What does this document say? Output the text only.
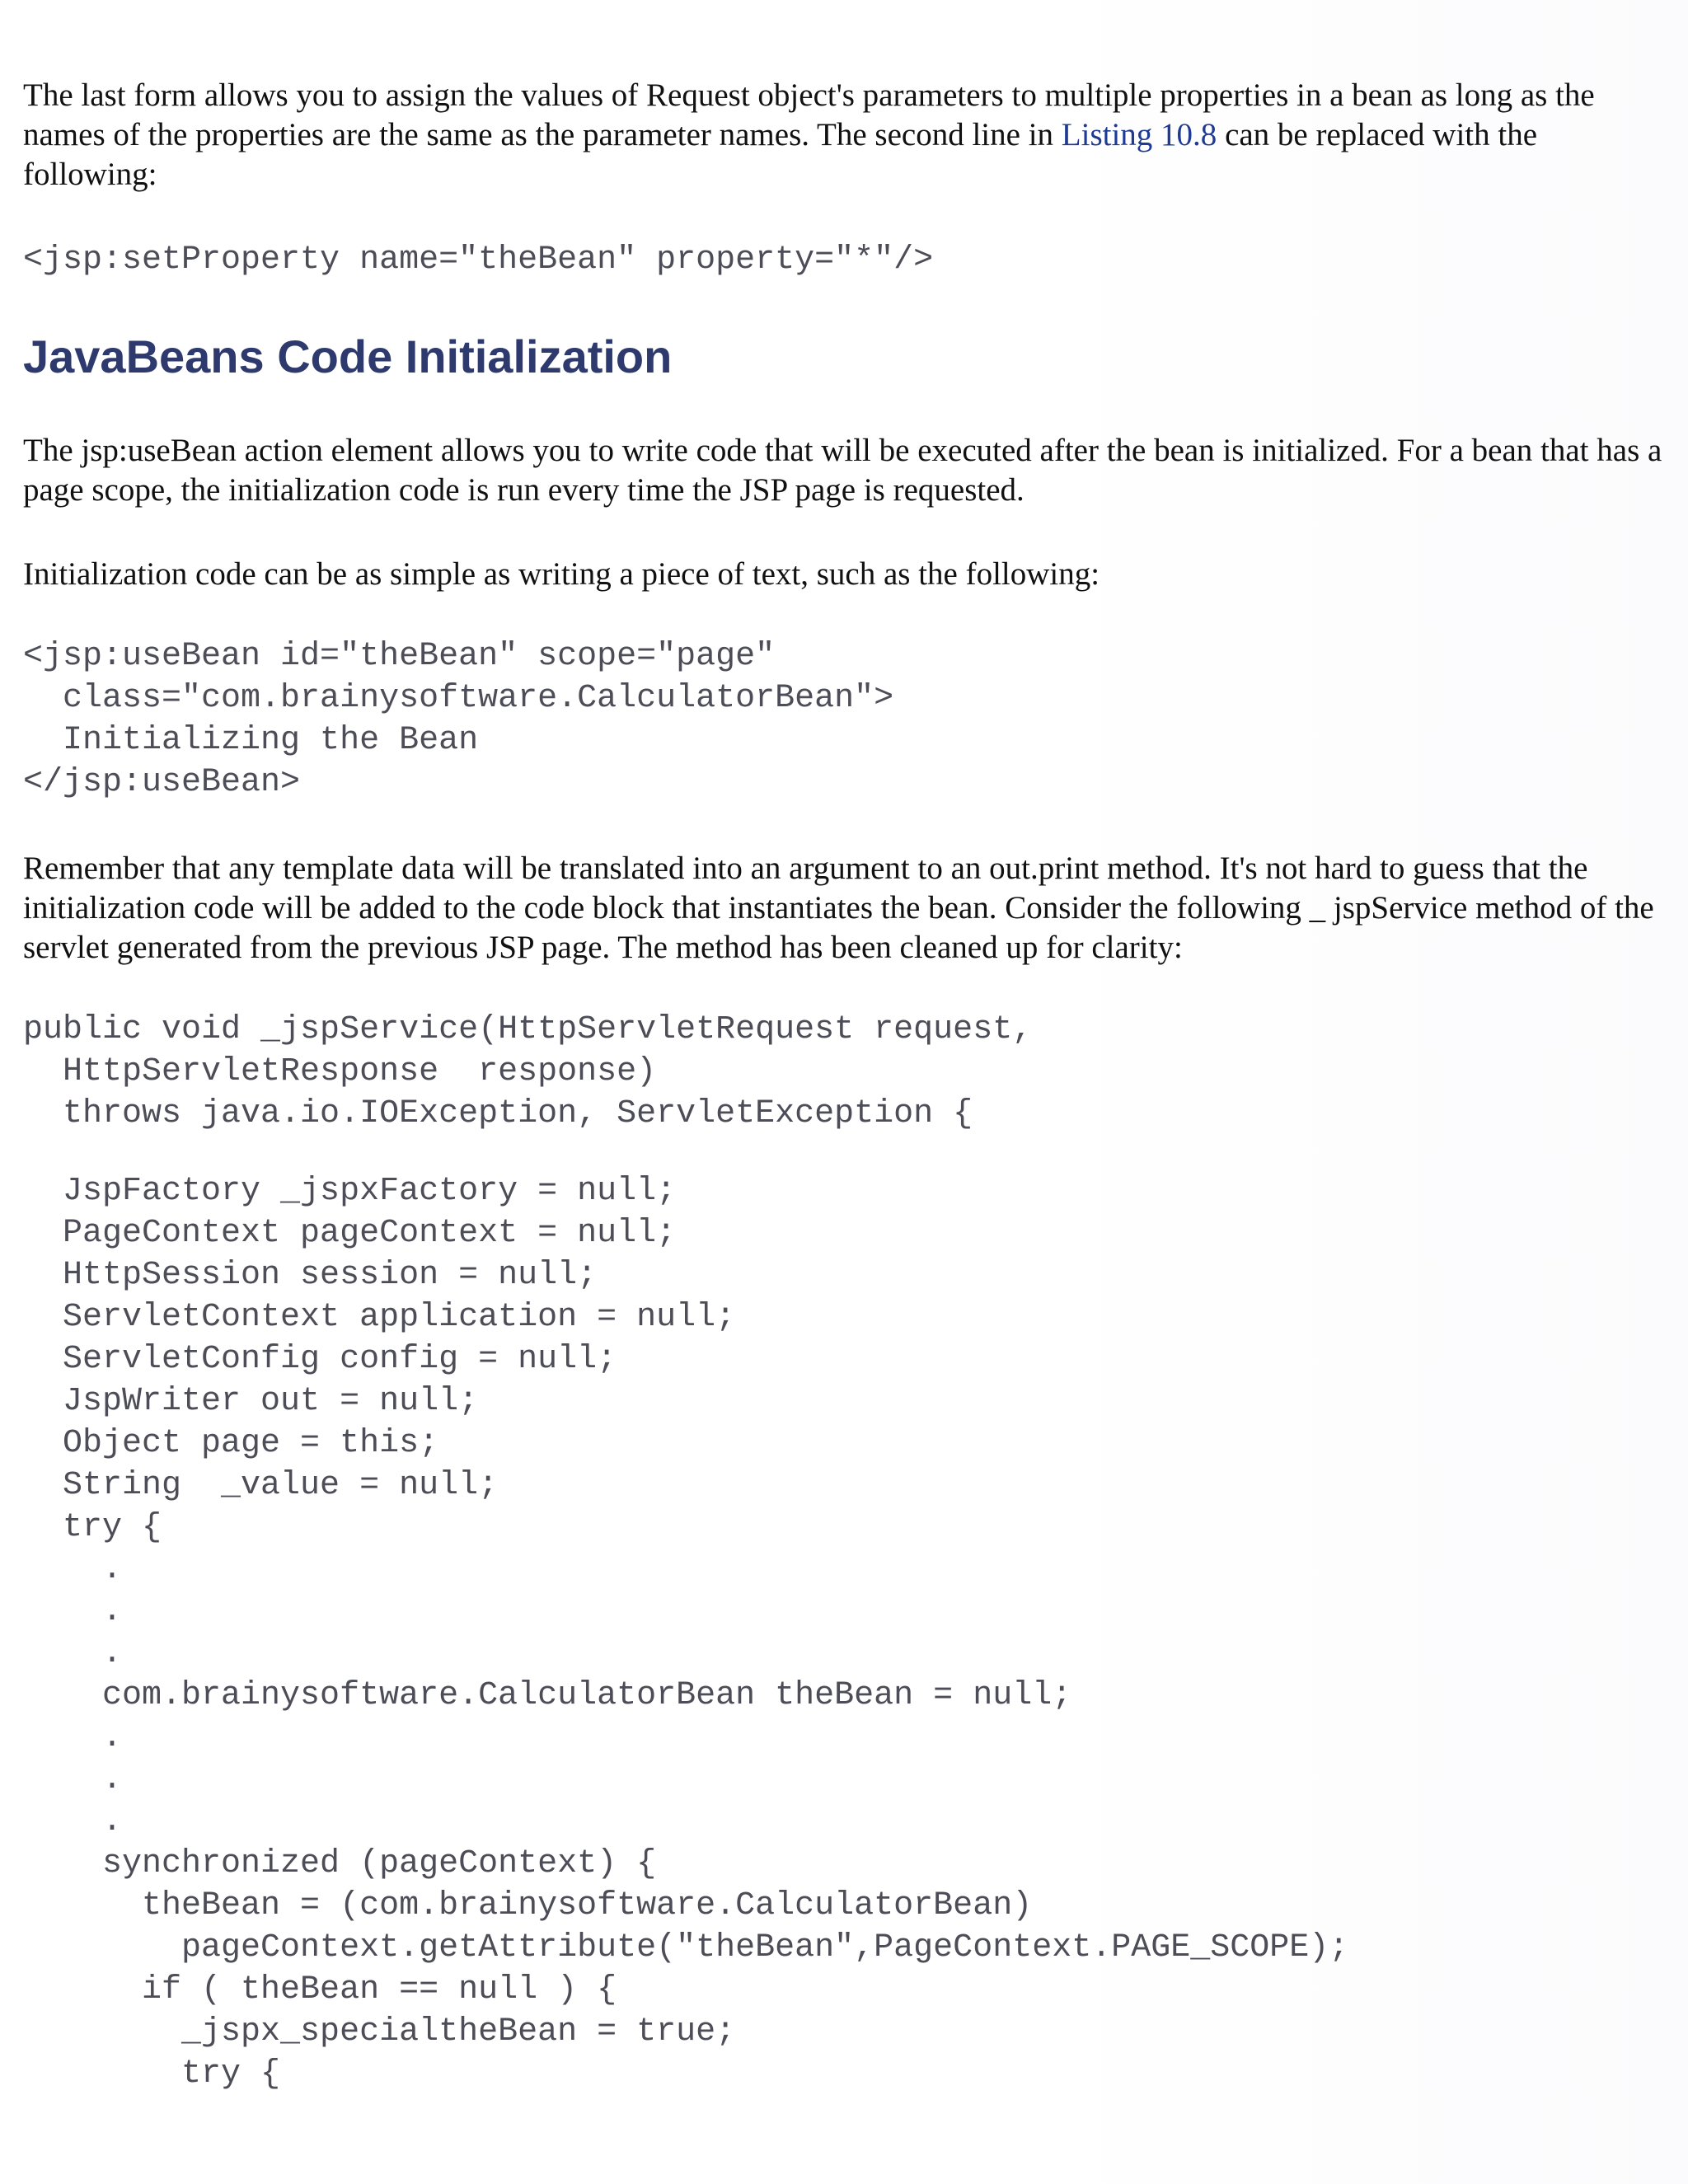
The last form allows you to assign the values of Request object's parameters to multiple properties in a bean as long as the names of the properties are the same as the parameter names. The second line in Listing 10.8 can be replaced with the following:

<jsp:setProperty name="theBean" property="*"/>
JavaBeans Code Initialization

The jsp:useBean action element allows you to write code that will be executed after the bean is initialized. For a bean that has a page scope, the initialization code is run every time the JSP page is requested.

Initialization code can be as simple as writing a piece of text, such as the following:

<jsp:useBean id="theBean" scope="page"
class="com.brainysoftware.CalculatorBean">
Initializing the Bean
</jsp:useBean>

Remember that any template data will be translated into an argument to an out.print method. It's not hard to guess that the initialization code will be added to the code block that instantiates the bean. Consider the following _ jspService method of the servlet generated from the previous JSP page. The method has been cleaned up for clarity:

public void _jspService(HttpServletRequest request,
HttpServletResponse  response)
throws java.io.IOException, ServletException {
JspFactory _jspxFactory = null;
PageContext pageContext = null;
HttpSession session = null;
ServletContext application = null;
ServletConfig config = null;
JspWriter out = null;
Object page = this;
String  _value = null;
try {
.
.
.
com.brainysoftware.CalculatorBean theBean = null;
.
.
.
synchronized (pageContext) {
theBean = (com.brainysoftware.CalculatorBean)
pageContext.getAttribute("theBean",PageContext.PAGE_SCOPE);
if ( theBean == null ) {
_jspx_specialtheBean = true;
try {
